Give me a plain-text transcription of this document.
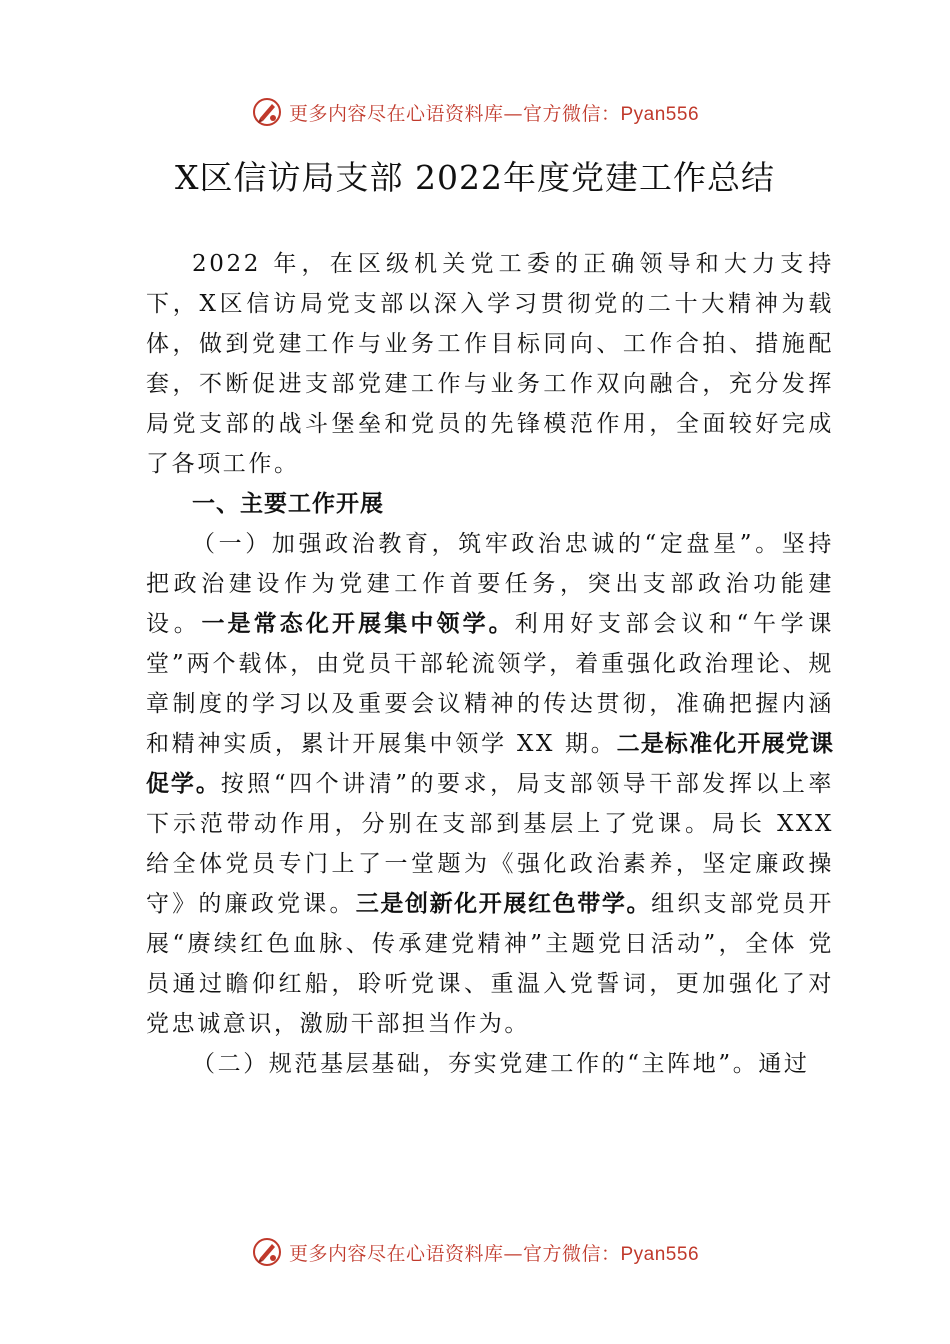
更多内容尽在心语资料库—官方微信：Pyan556
X区信访局支部 2022年度党建工作总结

2022 年，在区级机关党工委的正确领导和大力支持下，X区信访局党支部以深入学习贯彻党的二十大精神为载体，做到党建工作与业务工作目标同向、工作合拍、措施配套，不断促进支部党建工作与业务工作双向融合，充分发挥局党支部的战斗堡垒和党员的先锋模范作用，全面较好完成了各项工作。

一、主要工作开展

（一）加强政治教育，筑牢政治忠诚的“定盘星”。坚持把政治建设作为党建工作首要任务，突出支部政治功能建设。一是常态化开展集中领学。利用好支部会议和“午学课堂”两个载体，由党员干部轮流领学，着重强化政治理论、规章制度的学习以及重要会议精神的传达贯彻，准确把握内涵和精神实质，累计开展集中领学 XX 期。二是标准化开展党课促学。按照“四个讲清”的要求，局支部领导干部发挥以上率下示范带动作用，分别在支部到基层上了党课。局长 XXX 给全体党员专门上了一堂题为《强化政治素养，坚定廉政操守》的廉政党课。三是创新化开展红色带学。组织支部党员开展“赓续红色血脉、传承建党精神”主题党日活动”，全体 党员通过瞻仰红船，聆听党课、重温入党誓词，更加强化了对党忠诚意识，激励干部担当作为。

（二）规范基层基础，夯实党建工作的“主阵地”。通过

更多内容尽在心语资料库—官方微信：Pyan556
